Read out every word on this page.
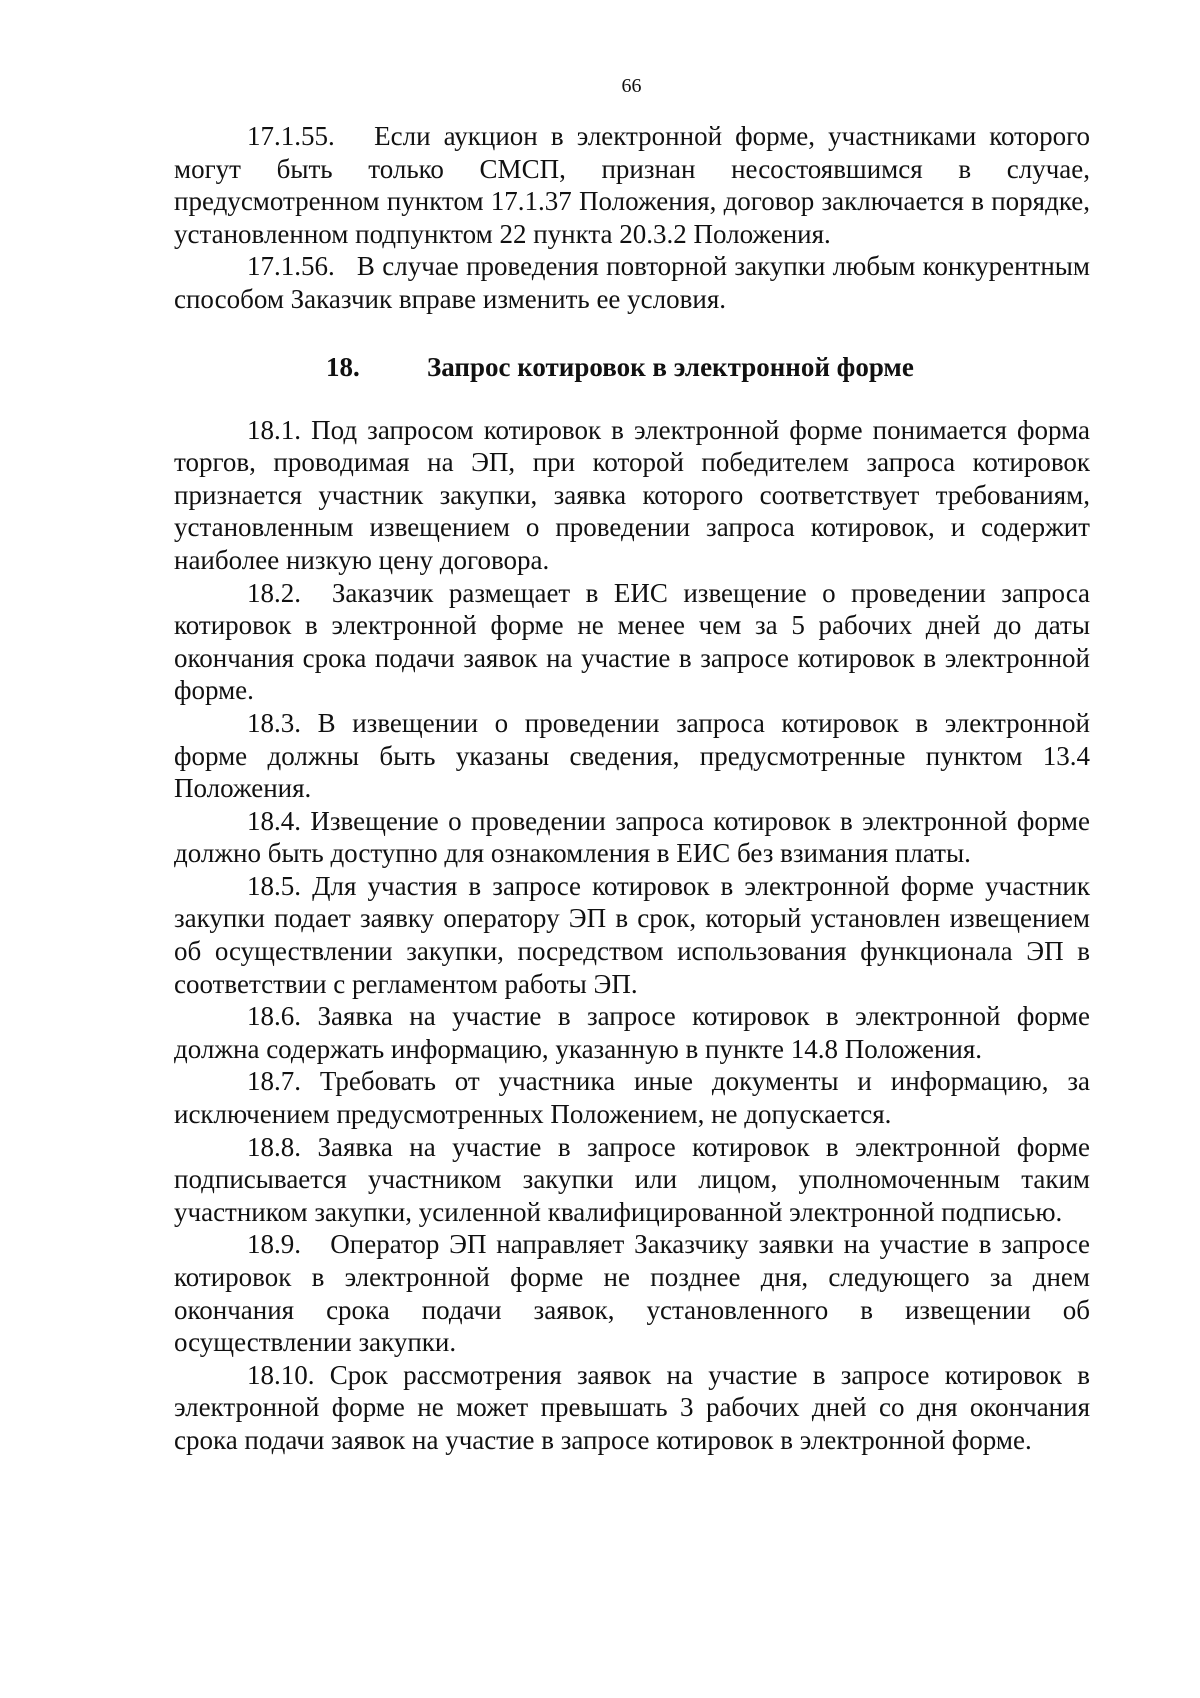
66

17.1.55. Если аукцион в электронной форме, участниками которого могут быть только СМСП, признан несостоявшимся в случае, предусмотренном пунктом 17.1.37 Положения, договор заключается в порядке, установленном подпунктом 22 пункта 20.3.2 Положения.

17.1.56. В случае проведения повторной закупки любым конкурентным способом Заказчик вправе изменить ее условия.

18.	Запрос котировок в электронной форме

18.1. Под запросом котировок в электронной форме понимается форма торгов, проводимая на ЭП, при которой победителем запроса котировок признается участник закупки, заявка которого соответствует требованиям, установленным извещением о проведении запроса котировок, и содержит наиболее низкую цену договора.

18.2. Заказчик размещает в ЕИС извещение о проведении запроса котировок в электронной форме не менее чем за 5 рабочих дней до даты окончания срока подачи заявок на участие в запросе котировок в электронной форме.

18.3. В извещении о проведении запроса котировок в электронной форме должны быть указаны сведения, предусмотренные пунктом 13.4 Положения.

18.4. Извещение о проведении запроса котировок в электронной форме должно быть доступно для ознакомления в ЕИС без взимания платы.

18.5. Для участия в запросе котировок в электронной форме участник закупки подает заявку оператору ЭП в срок, который установлен извещением об осуществлении закупки, посредством использования функционала ЭП в соответствии с регламентом работы ЭП.

18.6. Заявка на участие в запросе котировок в электронной форме должна содержать информацию, указанную в пункте 14.8 Положения.

18.7. Требовать от участника иные документы и информацию, за исключением предусмотренных Положением, не допускается.

18.8. Заявка на участие в запросе котировок в электронной форме подписывается участником закупки или лицом, уполномоченным таким участником закупки, усиленной квалифицированной электронной подписью.

18.9. Оператор ЭП направляет Заказчику заявки на участие в запросе котировок в электронной форме не позднее дня, следующего за днем окончания срока подачи заявок, установленного в извещении об осуществлении закупки.

18.10. Срок рассмотрения заявок на участие в запросе котировок в электронной форме не может превышать 3 рабочих дней со дня окончания срока подачи заявок на участие в запросе котировок в электронной форме.
